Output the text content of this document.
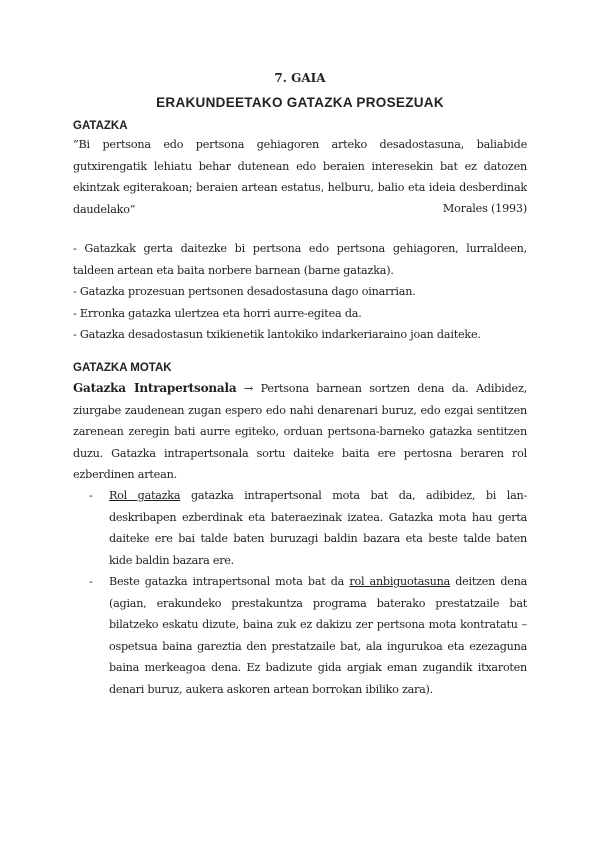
7. GAIA
ERAKUNDEETAKO GATAZKA PROSEZUAK
GATAZKA
“Bi pertsona edo pertsona gehiagoren arteko desadostasuna, baliabide gutxirengatik lehiatu behar dutenean edo beraien interesekin bat ez datozen ekintzak egiterakoan; beraien artean estatus, helburu, balio eta ideia desberdinak daudelako”	Morales (1993)
- Gatazkak gerta daitezke bi pertsona edo pertsona gehiagoren, lurraldeen, taldeen artean eta baita norbere barnean (barne gatazka).
- Gatazka prozesuan pertsonen desadostasuna dago oinarrian.
- Erronka gatazka ulertzea eta horri aurre-egitea da.
- Gatazka desadostasun txikienetik lantokiko indarkeriaraino joan daiteke.
GATAZKA MOTAK
Gatazka Intrapertsonala → Pertsona barnean sortzen dena da. Adibidez, ziurgabe zaudenean zugan espero edo nahi denarenari buruz, edo ezgai sentitzen zarenean zeregin bati aurre egiteko, orduan pertsona-barneko gatazka sentitzen duzu. Gatazka intrapertsonala sortu daiteke baita ere pertosna beraren rol ezberdinen artean.
- Rol gatazka gatazka intrapertsonal mota bat da, adibidez, bi lan-deskribapen ezberdinak eta bateraezinak izatea. Gatazka mota hau gerta daiteke ere bai talde baten buruzagi baldin bazara eta beste talde baten kide baldin bazara ere.
- Beste gatazka intrapertsonal mota bat da rol anbiguotasuna deitzen dena (agian, erakundeko prestakuntza programa baterako prestatzaile bat bilatzeko eskatu dizute, baina zuk ez dakizu zer pertsona mota kontratatu –ospetsua baina gareztia den prestatzaile bat, ala ingurukoa eta ezezaguna baina merkeagoa dena. Ez badizute gida argiak eman zugandik itxaroten denari buruz, aukera askoren artean borrokan ibiliko zara).
